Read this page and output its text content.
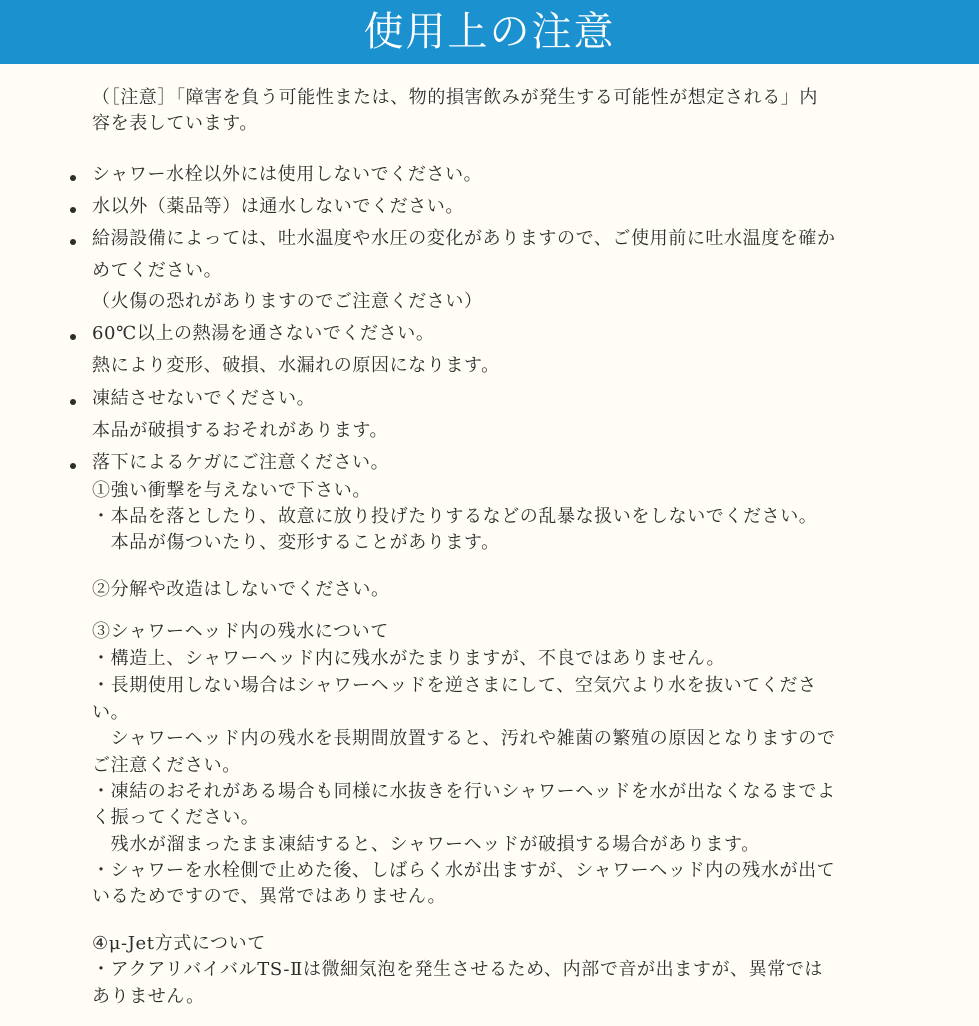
使用上の注意
（［注意］「障害を負う可能性または、物的損害飲みが発生する可能性が想定される」内
容を表しています。
シャワー水栓以外には使用しないでください。
水以外（薬品等）は通水しないでください。
給湯設備によっては、吐水温度や水圧の変化がありますので、ご使用前に吐水温度を確か
めてください。
（火傷の恐れがありますのでご注意ください）
60℃以上の熱湯を通さないでください。
熱により変形、破損、水漏れの原因になります。
凍結させないでください。
本品が破損するおそれがあります。
落下によるケガにご注意ください。
①強い衝撃を与えないで下さい。
・本品を落としたり、故意に放り投げたりするなどの乱暴な扱いをしないでください。
　本品が傷ついたり、変形することがあります。
②分解や改造はしないでください。
③シャワーヘッド内の残水について
・構造上、シャワーヘッド内に残水がたまりますが、不良ではありません。
・長期使用しない場合はシャワーヘッドを逆さまにして、空気穴より水を抜いてくださ
い。
　シャワーヘッド内の残水を長期間放置すると、汚れや雑菌の繁殖の原因となりますので
ご注意ください。
・凍結のおそれがある場合も同様に水抜きを行いシャワーヘッドを水が出なくなるまでよ
く振ってください。
　残水が溜まったまま凍結すると、シャワーヘッドが破損する場合があります。
・シャワーを水栓側で止めた後、しばらく水が出ますが、シャワーヘッド内の残水が出て
いるためですので、異常ではありません。
④μ-Jet方式について
・アクアリバイバルTS-Ⅱは微細気泡を発生させるため、内部で音が出ますが、異常では
ありません。
